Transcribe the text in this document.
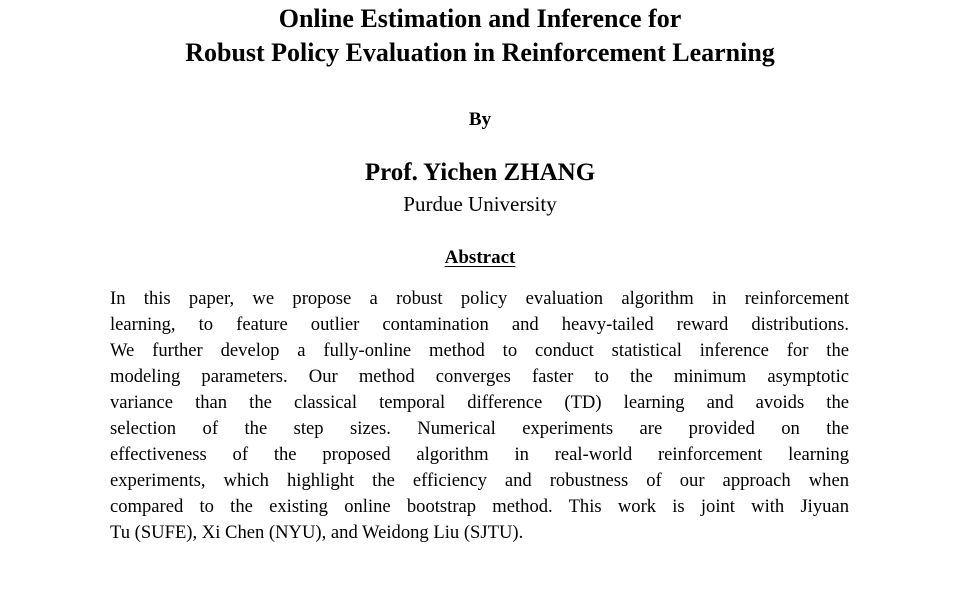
Online Estimation and Inference for
Robust Policy Evaluation in Reinforcement Learning
By
Prof. Yichen ZHANG
Purdue University
Abstract
In this paper, we propose a robust policy evaluation algorithm in reinforcement
learning, to feature outlier contamination and heavy-tailed reward distributions.
We further develop a fully-online method to conduct statistical inference for the
modeling parameters. Our method converges faster to the minimum asymptotic
variance than the classical temporal difference (TD) learning and avoids the
selection of the step sizes. Numerical experiments are provided on the
effectiveness of the proposed algorithm in real-world reinforcement learning
experiments, which highlight the efficiency and robustness of our approach when
compared to the existing online bootstrap method. This work is joint with Jiyuan
Tu (SUFE), Xi Chen (NYU), and Weidong Liu (SJTU).
